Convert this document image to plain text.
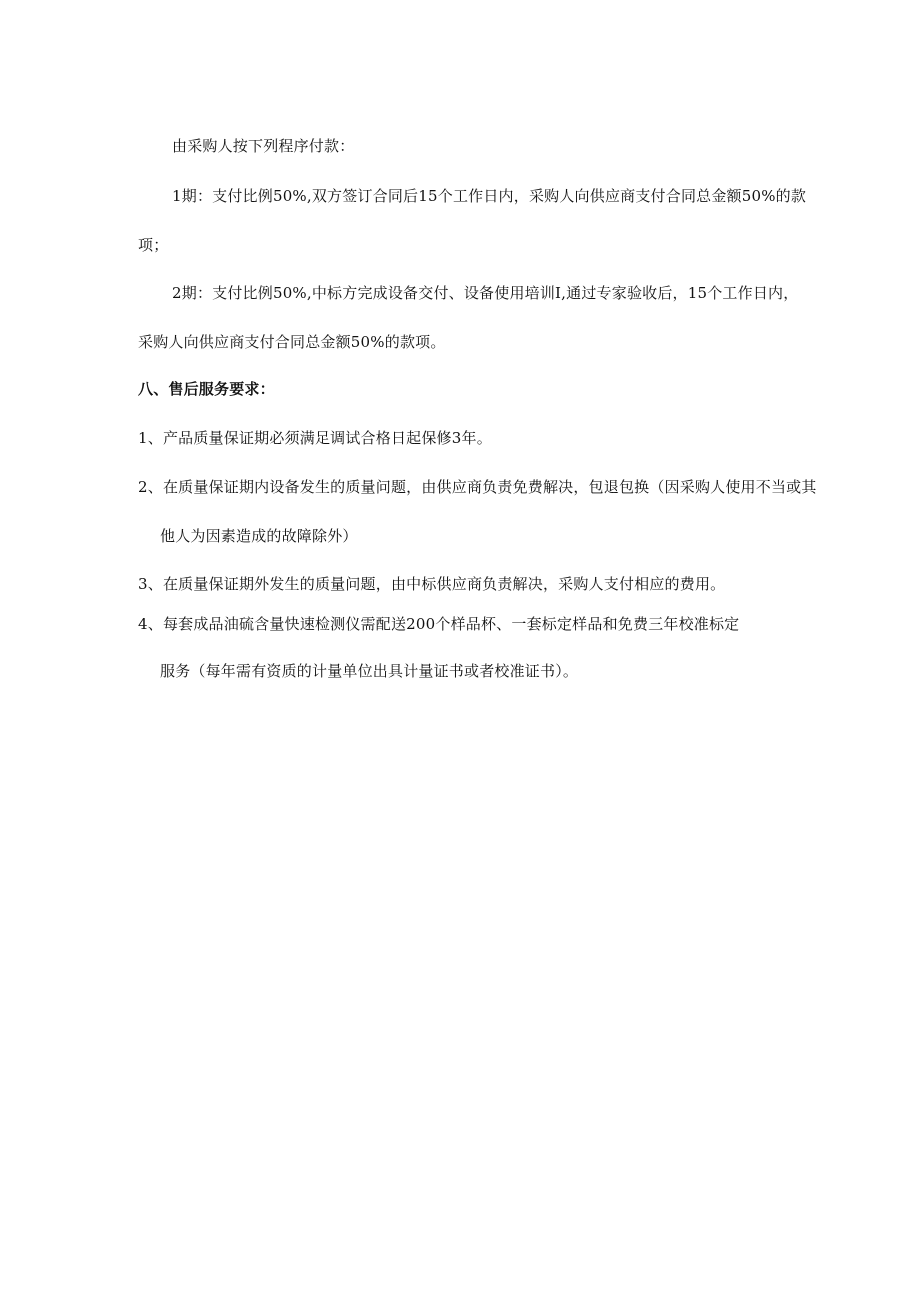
由采购人按下列程序付款：
1期：支付比例50%,双方签订合同后15个工作日内，采购人向供应商支付合同总金额50%的款
项；
2期：支付比例50%,中标方完成设备交付、设备使用培训I,通过专家验收后，15个工作日内，
采购人向供应商支付合同总金额50%的款项。
八、售后服务要求：
1、产品质量保证期必须满足调试合格日起保修3年。
2、在质量保证期内设备发生的质量问题，由供应商负责免费解决，包退包换（因采购人使用不当或其
他人为因素造成的故障除外）
3、在质量保证期外发生的质量问题，由中标供应商负责解决，采购人支付相应的费用。
4、每套成品油硫含量快速检测仪需配送200个样品杯、一套标定样品和免费三年校准标定
服务（每年需有资质的计量单位出具计量证书或者校准证书）。
